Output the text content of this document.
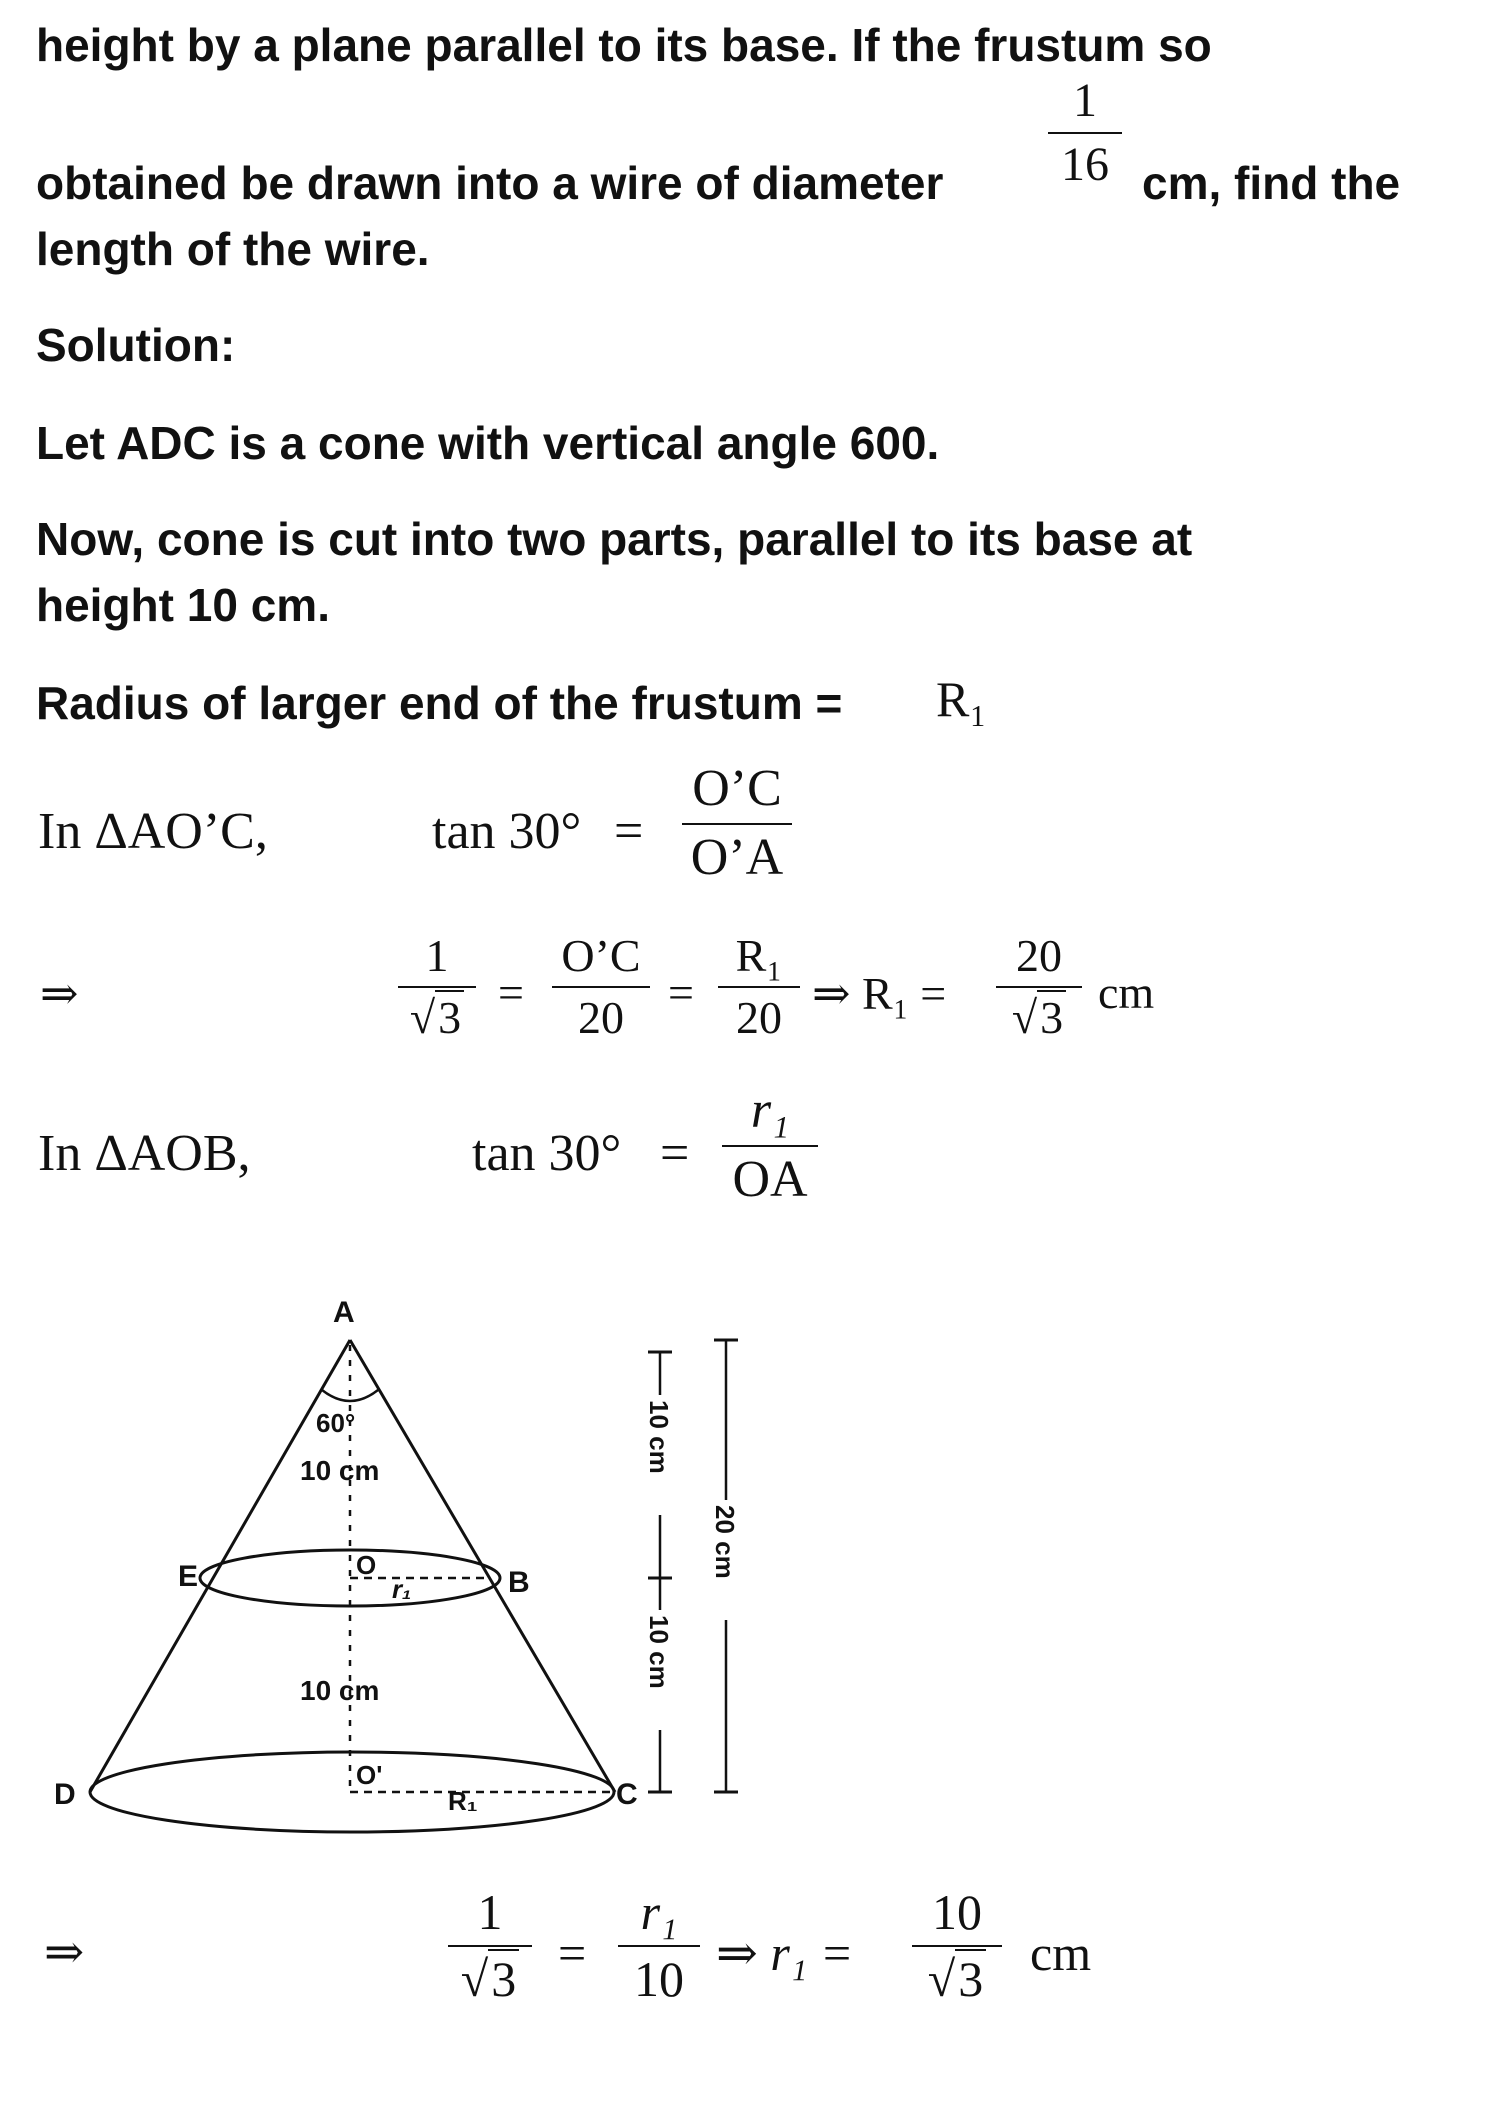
height by a plane parallel to its base. If the frustum so
1
16
obtained be drawn into a wire of diameter	cm, find the
length of the wire.
Solution:
Let ADC is a cone with vertical angle 600.
Now, cone is cut into two parts, parallel to its base at
height 10 cm.
Radius of larger end of the frustum = R₁
In ΔAO’C,	tan 30° =
O’C
O’A
⇒
1
√3 =
O’C
20 =
R₁
20 ⇒ R₁ =
20
√3 cm
In ΔAOB,	tan 30° =
r₁
OA
A
E	B
D	C
O
O'
r₁
R₁
60°
10 cm
10 cm
10 cm
10 cm
20 cm
⇒
1
√3 =
r₁
10 ⇒ r₁ =
10
√3 cm
